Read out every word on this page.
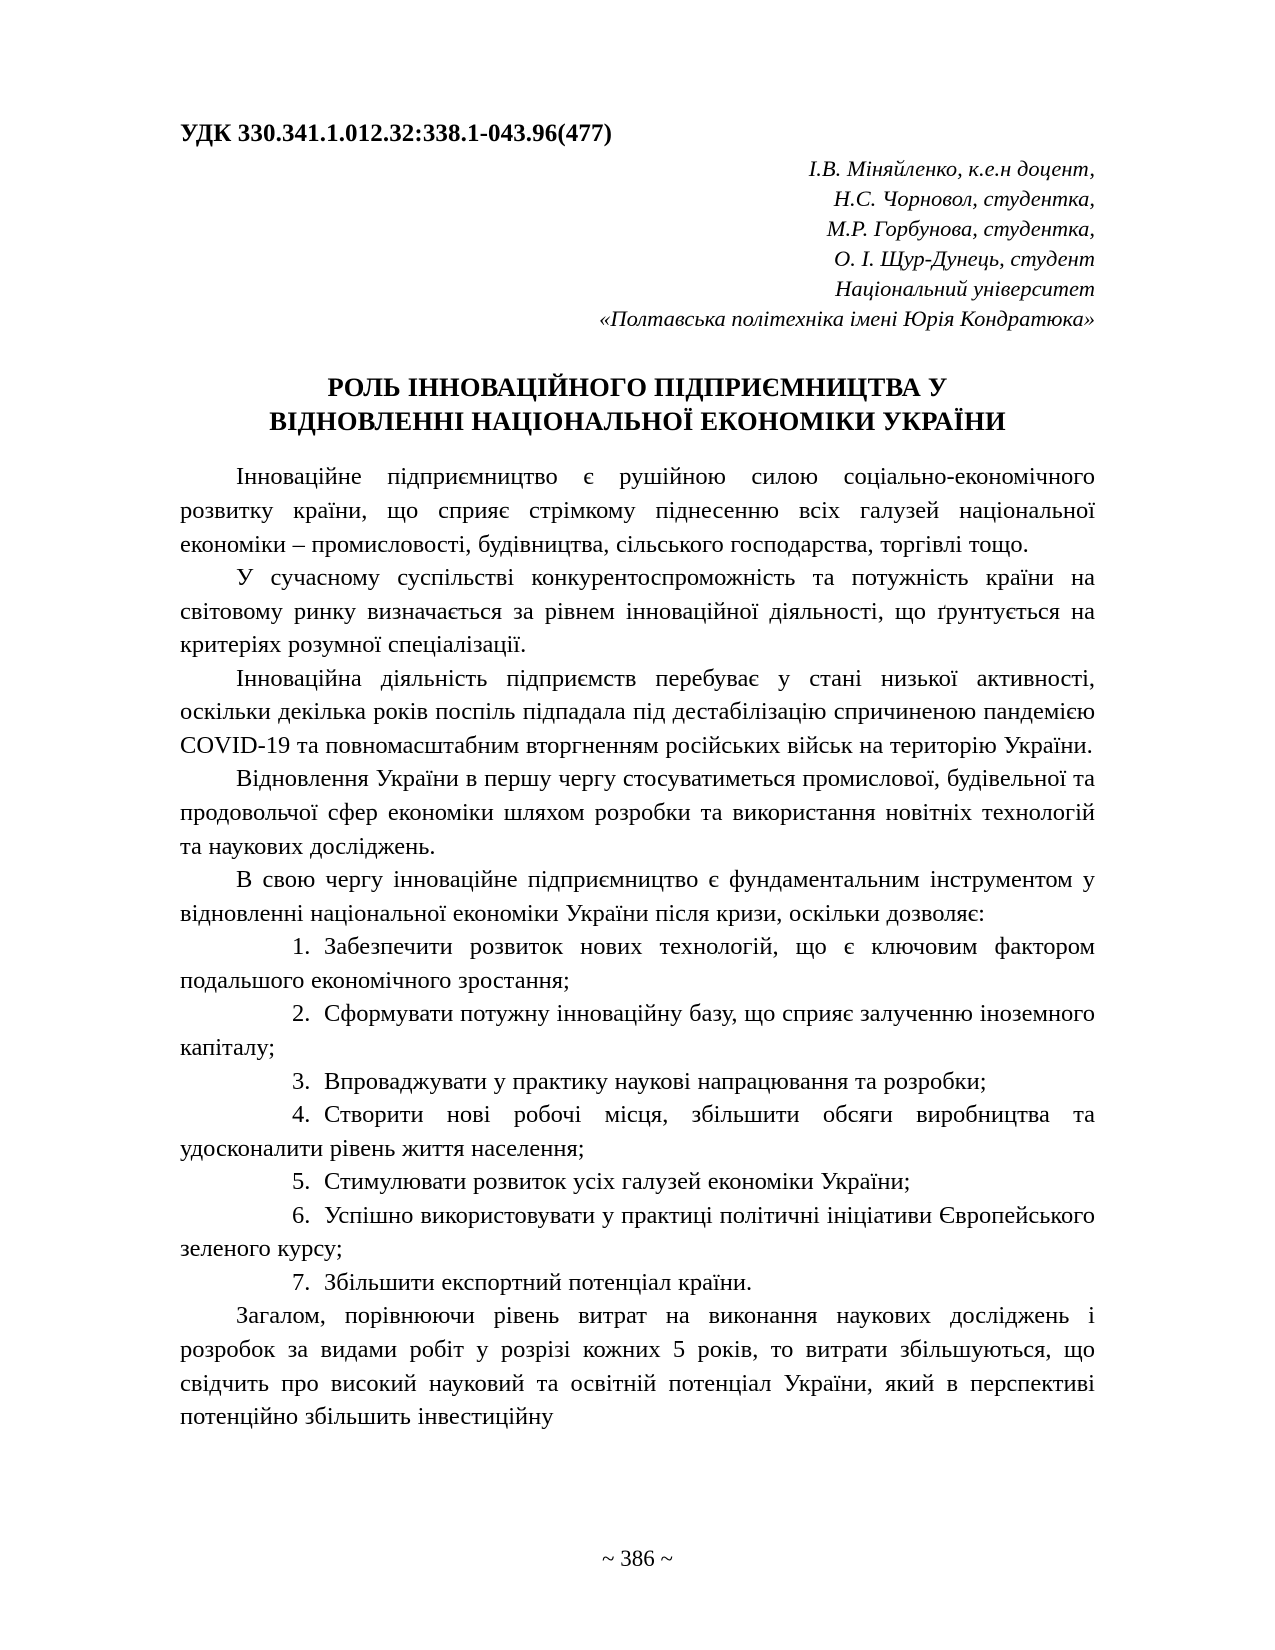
УДК 330.341.1.012.32:338.1-043.96(477)
І.В. Міняйленко, к.е.н доцент,
Н.С. Чорновол, студентка,
М.Р. Горбунова, студентка,
О. І. Щур-Дунець, студент
Національний університет
«Полтавська політехніка імені Юрія Кондратюка»
РОЛЬ ІННОВАЦІЙНОГО ПІДПРИЄМНИЦТВА У
ВІДНОВЛЕННІ НАЦІОНАЛЬНОЇ ЕКОНОМІКИ УКРАЇНИ

Інноваційне підприємництво є рушійною силою соціально-економічного розвитку країни, що сприяє стрімкому піднесенню всіх галузей національної економіки – промисловості, будівництва, сільського господарства, торгівлі тощо.

У сучасному суспільстві конкурентоспроможність та потужність країни на світовому ринку визначається за рівнем інноваційної діяльності, що ґрунтується на критеріях розумної спеціалізації.

Інноваційна діяльність підприємств перебуває у стані низької активності, оскільки декілька років поспіль підпадала під дестабілізацію спричиненою пандемією COVID-19 та повномасштабним вторгненням російських військ на територію України.

Відновлення України в першу чергу стосуватиметься промислової, будівельної та продовольчої сфер економіки шляхом розробки та використання новітніх технологій та наукових досліджень.

В свою чергу інноваційне підприємництво є фундаментальним інструментом у відновленні національної економіки України після кризи, оскільки дозволяє:

1. Забезпечити розвиток нових технологій, що є ключовим фактором подальшого економічного зростання;

2. Сформувати потужну інноваційну базу, що сприяє залученню іноземного капіталу;

3. Впроваджувати у практику наукові напрацювання та розробки;

4. Створити нові робочі місця, збільшити обсяги виробництва та удосконалити рівень життя населення;

5. Стимулювати розвиток усіх галузей економіки України;

6. Успішно використовувати у практиці політичні ініціативи Європейського зеленого курсу;

7. Збільшити експортний потенціал країни.

Загалом, порівнюючи рівень витрат на виконання наукових досліджень і розробок за видами робіт у розрізі кожних 5 років, то витрати збільшуються, що свідчить про високий науковий та освітній потенціал України, який в перспективі потенційно збільшить інвестиційну

~ 386 ~
